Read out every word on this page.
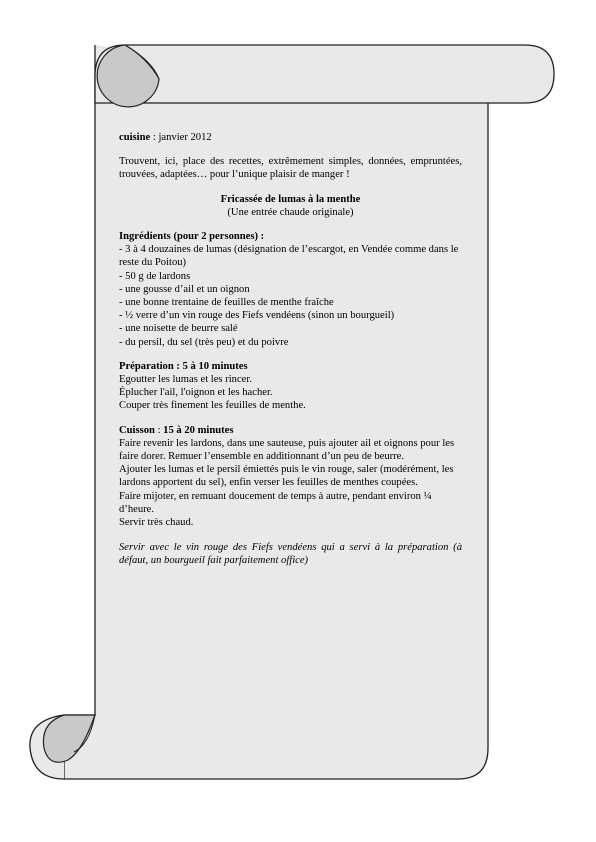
cuisine : janvier 2012

Trouvent, ici, place des recettes, extrêmement simples, données, empruntées, trouvées, adaptées… pour l’unique plaisir de manger !

Fricassée de lumas à la menthe

(Une entrée chaude originale)

Ingrédients (pour 2 personnes) :

- 3 à 4 douzaines de lumas (désignation de l’escargot, en Vendée comme dans le reste du Poitou)

- 50 g de lardons

- une gousse d’ail et un oignon

- une bonne trentaine de feuilles de menthe fraîche

- ½ verre d’un vin rouge des Fiefs vendéens (sinon un bourgueil)

- une noisette de beurre salé

- du persil, du sel (très peu) et du poivre

Préparation : 5 à 10 minutes

Egoutter les lumas et les rincer.

Éplucher l'ail, l'oignon et les hacher.

Couper très finement les feuilles de menthe.

Cuisson : 15 à 20 minutes

Faire revenir les lardons, dans une sauteuse, puis ajouter ail et oignons pour les faire dorer. Remuer l’ensemble en additionnant d’un peu de beurre.

Ajouter les lumas et le persil émiettés puis le vin rouge, saler (modérément, les lardons apportent du sel), enfin verser les feuilles de menthes coupées.

Faire mijoter, en remuant doucement de temps à autre, pendant environ ¼ d’heure.

Servir très chaud.

Servir avec le vin rouge des Fiefs vendéens qui a servi à la préparation (à défaut, un bourgueil fait parfaitement office)
